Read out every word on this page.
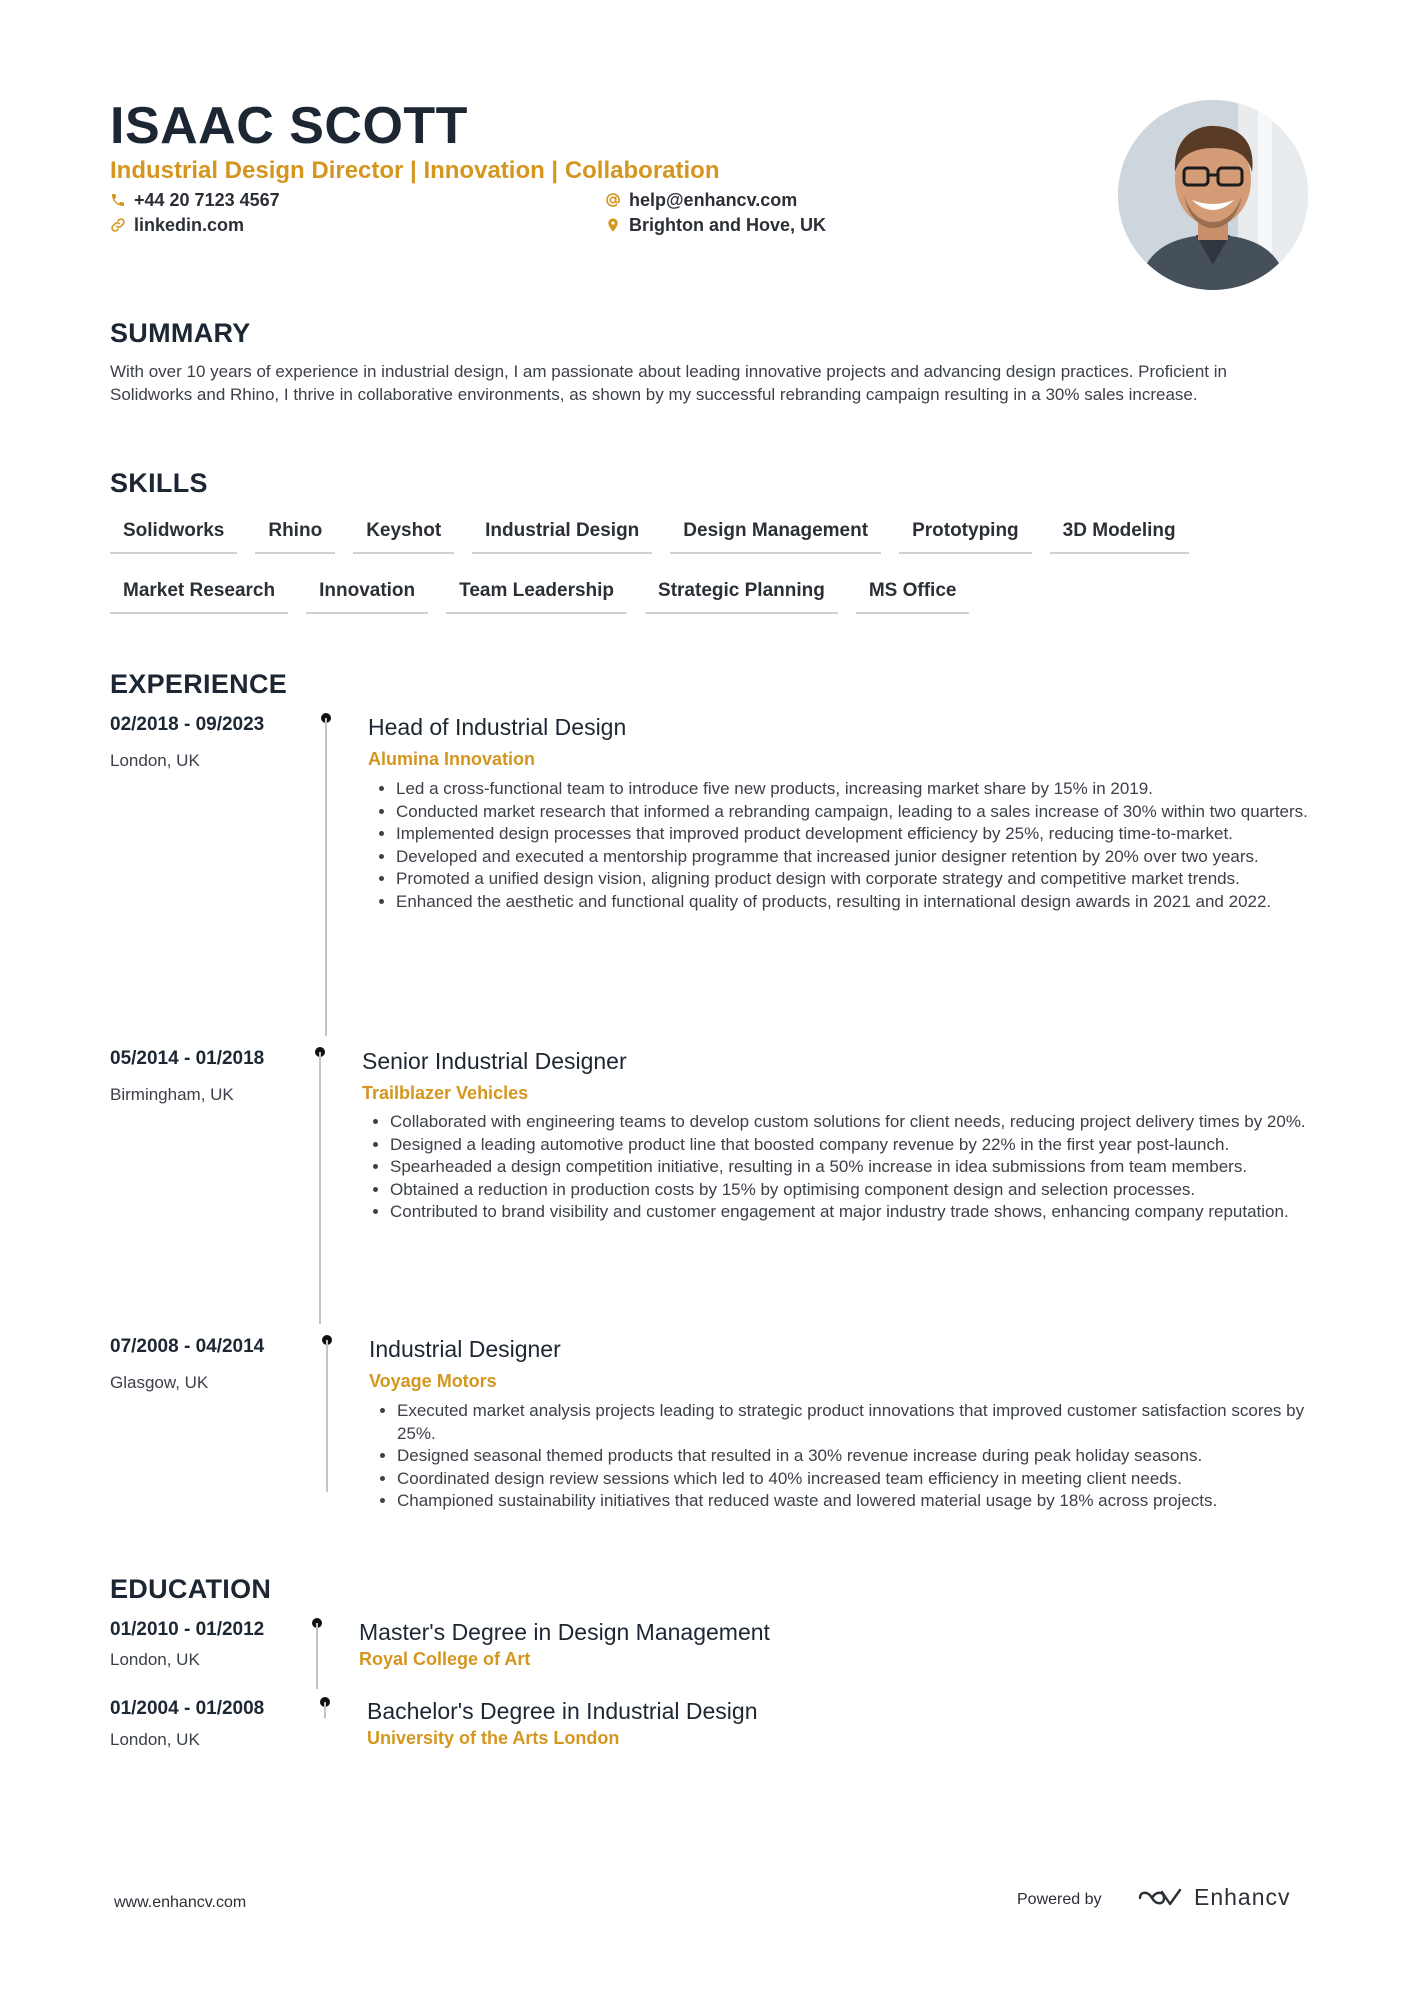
ISAAC SCOTT
Industrial Design Director | Innovation | Collaboration
+44 20 7123 4567	help@enhancv.com
linkedin.com	Brighton and Hove, UK
SUMMARY
With over 10 years of experience in industrial design, I am passionate about leading innovative projects and advancing design practices. Proficient in Solidworks and Rhino, I thrive in collaborative environments, as shown by my successful rebranding campaign resulting in a 30% sales increase.
SKILLS
Solidworks	Rhino	Keyshot	Industrial Design	Design Management	Prototyping	3D Modeling
Market Research	Innovation	Team Leadership	Strategic Planning	MS Office
EXPERIENCE
02/2018 - 09/2023
London, UK
Head of Industrial Design
Alumina Innovation
• Led a cross-functional team to introduce five new products, increasing market share by 15% in 2019.
• Conducted market research that informed a rebranding campaign, leading to a sales increase of 30% within two quarters.
• Implemented design processes that improved product development efficiency by 25%, reducing time-to-market.
• Developed and executed a mentorship programme that increased junior designer retention by 20% over two years.
• Promoted a unified design vision, aligning product design with corporate strategy and competitive market trends.
• Enhanced the aesthetic and functional quality of products, resulting in international design awards in 2021 and 2022.
05/2014 - 01/2018
Birmingham, UK
Senior Industrial Designer
Trailblazer Vehicles
• Collaborated with engineering teams to develop custom solutions for client needs, reducing project delivery times by 20%.
• Designed a leading automotive product line that boosted company revenue by 22% in the first year post-launch.
• Spearheaded a design competition initiative, resulting in a 50% increase in idea submissions from team members.
• Obtained a reduction in production costs by 15% by optimising component design and selection processes.
• Contributed to brand visibility and customer engagement at major industry trade shows, enhancing company reputation.
07/2008 - 04/2014
Glasgow, UK
Industrial Designer
Voyage Motors
• Executed market analysis projects leading to strategic product innovations that improved customer satisfaction scores by 25%.
• Designed seasonal themed products that resulted in a 30% revenue increase during peak holiday seasons.
• Coordinated design review sessions which led to 40% increased team efficiency in meeting client needs.
• Championed sustainability initiatives that reduced waste and lowered material usage by 18% across projects.
EDUCATION
01/2010 - 01/2012
London, UK
Master's Degree in Design Management
Royal College of Art
01/2004 - 01/2008
London, UK
Bachelor's Degree in Industrial Design
University of the Arts London
www.enhancv.com	Powered by	Enhancv
